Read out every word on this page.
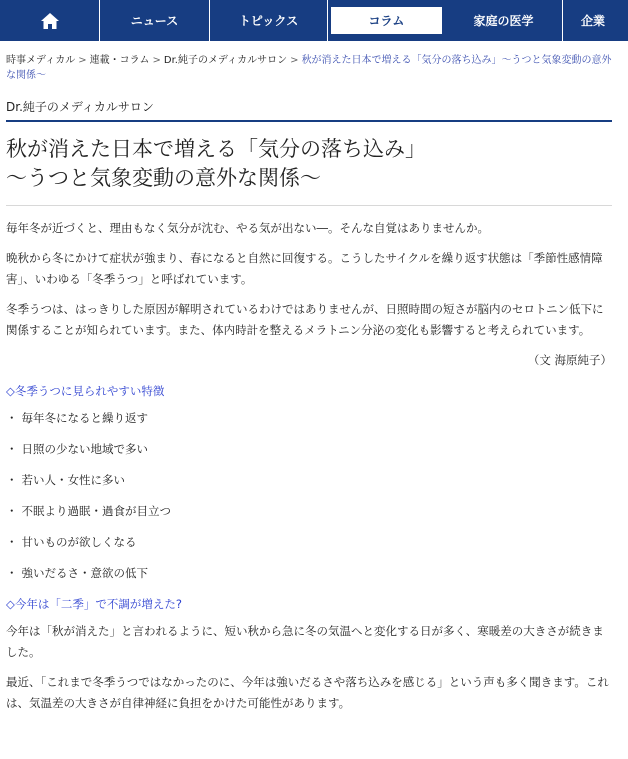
ニュース	トピックス	コラム	家庭の医学	企業
時事メディカル > 連載・コラム > Dr.純子のメディカルサロン > 秋が消えた日本で増える「気分の落ち込み」～うつと気象変動の意外な関係～
Dr.純子のメディカルサロン
秋が消えた日本で増える「気分の落ち込み」
～うつと気象変動の意外な関係～

毎年冬が近づくと、理由もなく気分が沈む、やる気が出ない―。そんな自覚はありませんか。

晩秋から冬にかけて症状が強まり、春になると自然に回復する。こうしたサイクルを繰り返す状態は「季節性感情障害」、いわゆる「冬季うつ」と呼ばれています。

冬季うつは、はっきりした原因が解明されているわけではありませんが、日照時間の短さが脳内のセロトニン低下に関係することが知られています。また、体内時計を整えるメラトニン分泌の変化も影響すると考えられています。

（文 海原純子）

◇冬季うつに見られやすい特徴

・ 毎年冬になると繰り返す

・ 日照の少ない地域で多い

・ 若い人・女性に多い

・ 不眠より過眠・過食が目立つ

・ 甘いものが欲しくなる

・ 強いだるさ・意欲の低下

◇今年は「二季」で不調が増えた?

今年は「秋が消えた」と言われるように、短い秋から急に冬の気温へと変化する日が多く、寒暖差の大きさが続きました。

最近、「これまで冬季うつではなかったのに、今年は強いだるさや落ち込みを感じる」という声も多く聞きます。これは、気温差の大きさが自律神経に負担をかけた可能性があります。
